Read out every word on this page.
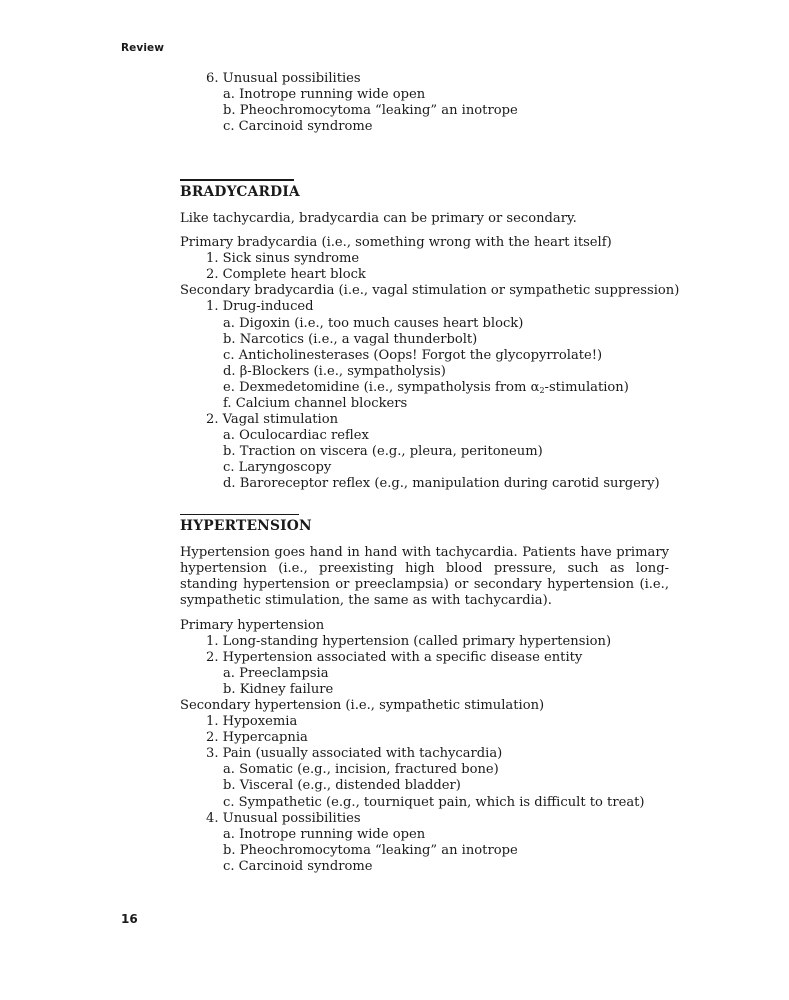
Review
6. Unusual possibilities
a. Inotrope running wide open
b. Pheochromocytoma “leaking” an inotrope
c. Carcinoid syndrome
BRADYCARDIA

Like tachycardia, bradycardia can be primary or secondary.

Primary bradycardia (i.e., something wrong with the heart itself)
1. Sick sinus syndrome
2. Complete heart block
Secondary bradycardia (i.e., vagal stimulation or sympathetic suppression)
1. Drug-induced
a. Digoxin (i.e., too much causes heart block)
b. Narcotics (i.e., a vagal thunderbolt)
c. Anticholinesterases (Oops! Forgot the glycopyrrolate!)
d. β-Blockers (i.e., sympatholysis)
e. Dexmedetomidine (i.e., sympatholysis from $\alpha_2-stimulation$)
f. Calcium channel blockers
2. Vagal stimulation
a. Oculocardiac reflex
b. Traction on viscera (e.g., pleura, peritoneum)
c. Laryngoscopy
d. Baroreceptor reflex (e.g., manipulation during carotid surgery)
HYPERTENSION

Hypertension goes hand in hand with tachycardia. Patients have primary hypertension (i.e., preexisting high blood pressure, such as long-standing hypertension or preeclampsia) or secondary hypertension (i.e., sympathetic stimulation, the same as with tachycardia).

Primary hypertension
1. Long-standing hypertension (called primary hypertension)
2. Hypertension associated with a specific disease entity
a. Preeclampsia
b. Kidney failure
Secondary hypertension (i.e., sympathetic stimulation)
1. Hypoxemia
2. Hypercapnia
3. Pain (usually associated with tachycardia)
a. Somatic (e.g., incision, fractured bone)
b. Visceral (e.g., distended bladder)
c. Sympathetic (e.g., tourniquet pain, which is difficult to treat)
4. Unusual possibilities
a. Inotrope running wide open
b. Pheochromocytoma “leaking” an inotrope
c. Carcinoid syndrome
16
